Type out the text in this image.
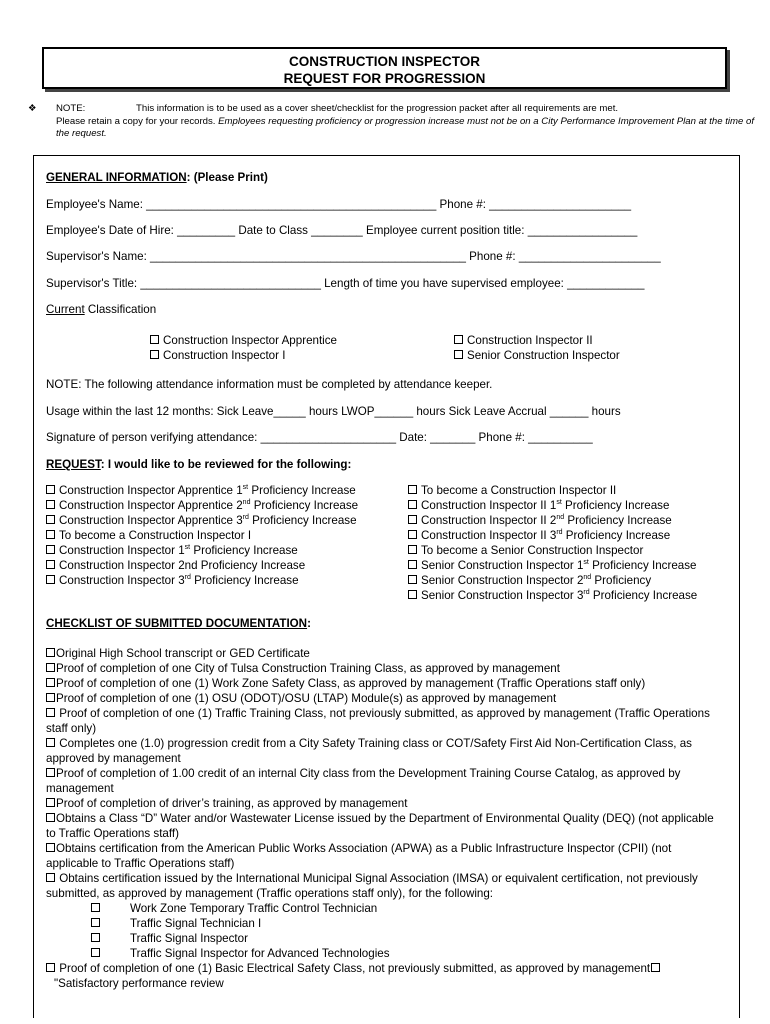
CONSTRUCTION INSPECTOR
REQUEST FOR PROGRESSION
❖ NOTE:	This information is to be used as a cover sheet/checklist for the progression packet after all requirements are met.
Please retain a copy for your records. Employees requesting proficiency or progression increase must not be on a City Performance Improvement Plan at the time of the request.
GENERAL INFORMATION: (Please Print)
Employee's Name: _____________________________________________ Phone #: ______________________
Employee's Date of Hire: _________ Date to Class ________ Employee current position title: _________________
Supervisor's Name: _________________________________________________ Phone #: ______________________
Supervisor's Title: ____________________________ Length of time you have supervised employee: ____________
Current Classification
Construction Inspector Apprentice
Construction Inspector I
Construction Inspector II
Senior Construction Inspector
NOTE: The following attendance information must be completed by attendance keeper.
Usage within the last 12 months: Sick Leave_____ hours LWOP______ hours Sick Leave Accrual ______ hours
Signature of person verifying attendance: _____________________ Date: _______ Phone #: __________
REQUEST: I would like to be reviewed for the following:
Construction Inspector Apprentice 1st Proficiency Increase
Construction Inspector Apprentice 2nd Proficiency Increase
Construction Inspector Apprentice 3rd Proficiency Increase
To become a Construction Inspector I
Construction Inspector 1st Proficiency Increase
Construction Inspector 2nd Proficiency Increase
Construction Inspector 3rd Proficiency Increase
To become a Construction Inspector II
Construction Inspector II 1st Proficiency Increase
Construction Inspector II 2nd Proficiency Increase
Construction Inspector II 3rd Proficiency Increase
To become a Senior Construction Inspector
Senior Construction Inspector 1st Proficiency Increase
Senior Construction Inspector 2nd Proficiency
Senior Construction Inspector 3rd Proficiency Increase
CHECKLIST OF SUBMITTED DOCUMENTATION:
Original High School transcript or GED Certificate
Proof of completion of one City of Tulsa Construction Training Class, as approved by management
Proof of completion of one (1) Work Zone Safety Class, as approved by management (Traffic Operations staff only)
Proof of completion of one (1) OSU (ODOT)/OSU (LTAP) Module(s) as approved by management
Proof of completion of one (1) Traffic Training Class, not previously submitted, as approved by management (Traffic Operations staff only)
Completes one (1.0) progression credit from a City Safety Training class or COT/Safety First Aid Non-Certification Class, as approved by management
Proof of completion of 1.00 credit of an internal City class from the Development Training Course Catalog, as approved by management
Proof of completion of driver’s training, as approved by management
Obtains a Class “D” Water and/or Wastewater License issued by the Department of Environmental Quality (DEQ) (not applicable to Traffic Operations staff)
Obtains certification from the American Public Works Association (APWA) as a Public Infrastructure Inspector (CPII) (not applicable to Traffic Operations staff)
Obtains certification issued by the International Municipal Signal Association (IMSA) or equivalent certification, not previously submitted, as approved by management (Traffic operations staff only), for the following:
Work Zone Temporary Traffic Control Technician
Traffic Signal Technician I
Traffic Signal Inspector
Traffic Signal Inspector for Advanced Technologies
Proof of completion of one (1) Basic Electrical Safety Class, not previously submitted, as approved by management
"Satisfactory performance review
